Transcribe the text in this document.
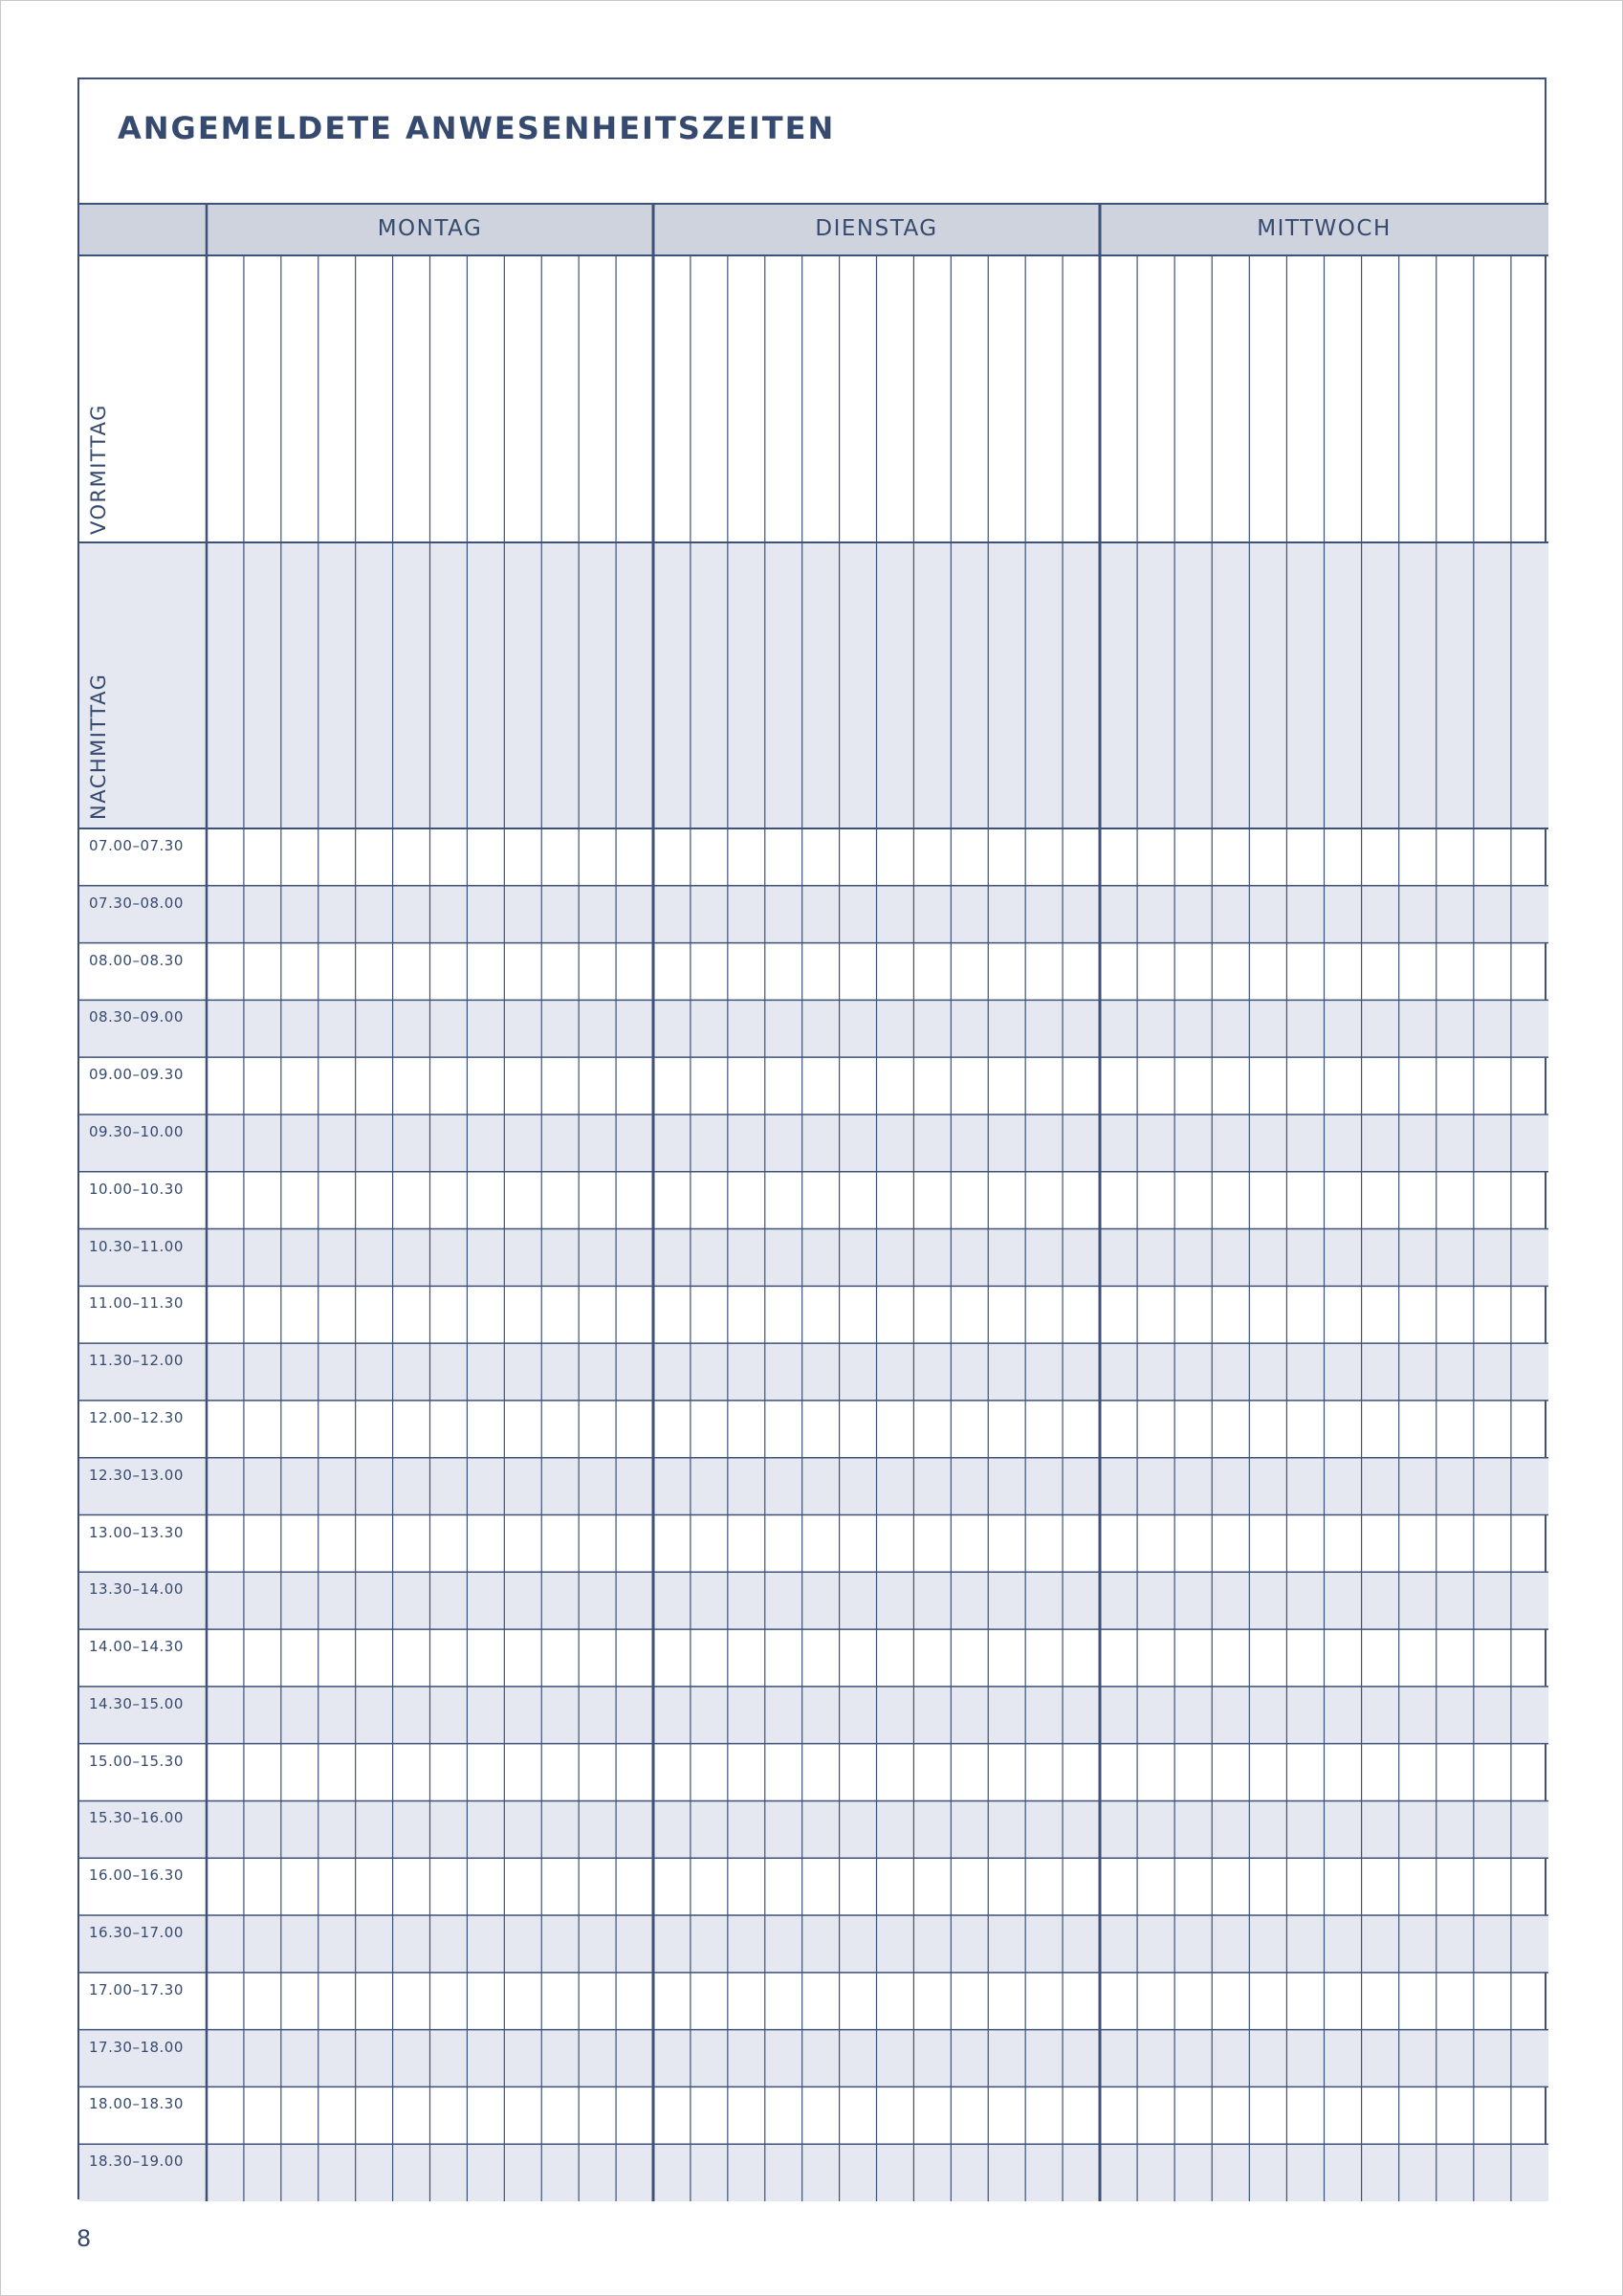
ANGEMELDETE ANWESENHEITSZEITEN
MONTAG	DIENSTAG	MITTWOCH
VORMITTAG
NACHMITTAG
07.00–07.30
07.30–08.00
08.00–08.30
08.30–09.00
09.00–09.30
09.30–10.00
10.00–10.30
10.30–11.00
11.00–11.30
11.30–12.00
12.00–12.30
12.30–13.00
13.00–13.30
13.30–14.00
14.00–14.30
14.30–15.00
15.00–15.30
15.30–16.00
16.00–16.30
16.30–17.00
17.00–17.30
17.30–18.00
18.00–18.30
18.30–19.00
8
